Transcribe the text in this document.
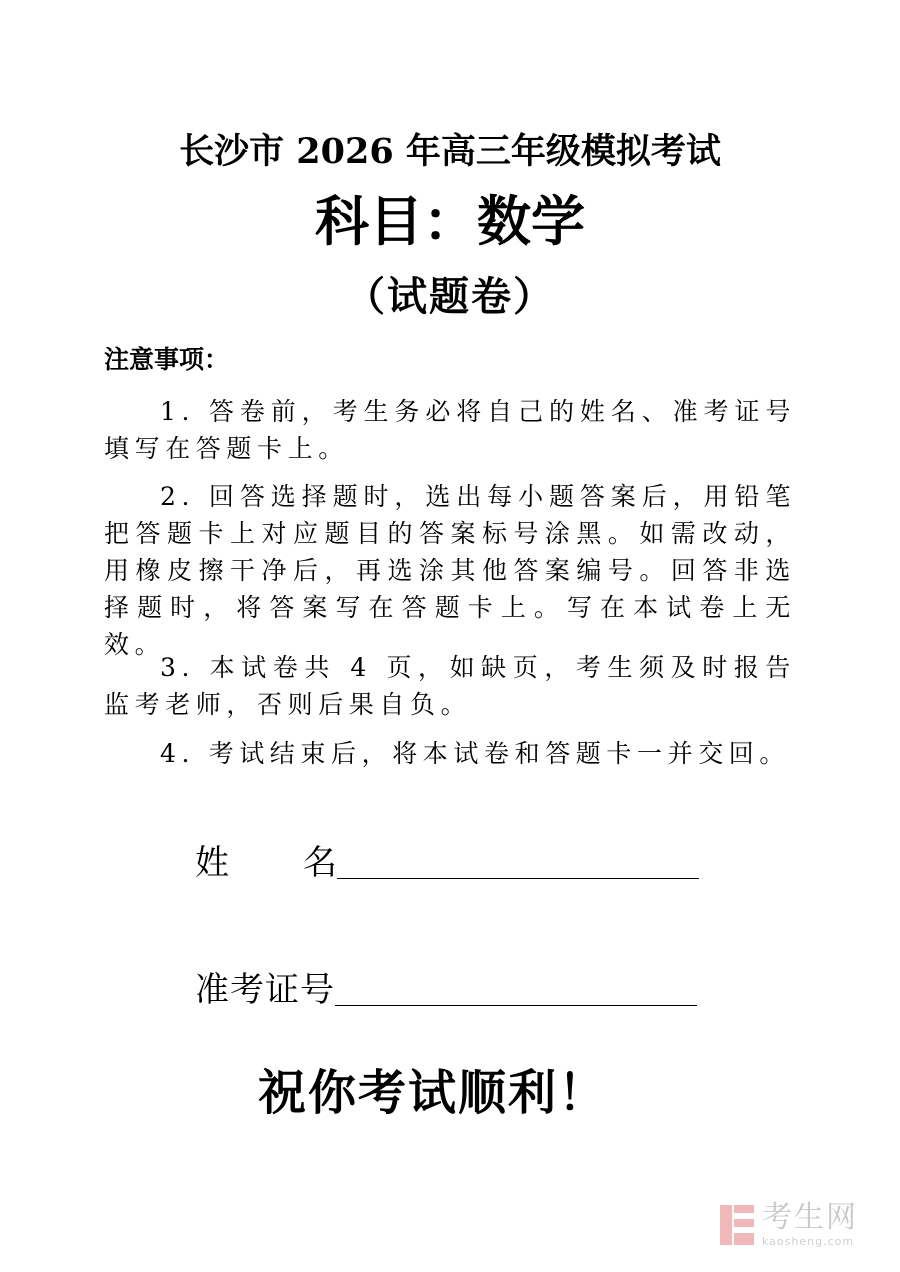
长沙市 2026 年高三年级模拟考试
科目：数学
（试题卷）
注意事项：
1. 答卷前，考生务必将自己的姓名、准考证号填写在答题卡上。
2. 回答选择题时，选出每小题答案后，用铅笔把答题卡上对应题目的答案标号涂黑。如需改动，用橡皮擦干净后，再选涂其他答案编号。回答非选择题时，将答案写在答题卡上。写在本试卷上无效。
3. 本试卷共 4 页，如缺页，考生须及时报告监考老师，否则后果自负。
4. 考试结束后，将本试卷和答题卡一并交回。
姓名
准考证号
祝你考试顺利！
考生网
kaosheng.com
